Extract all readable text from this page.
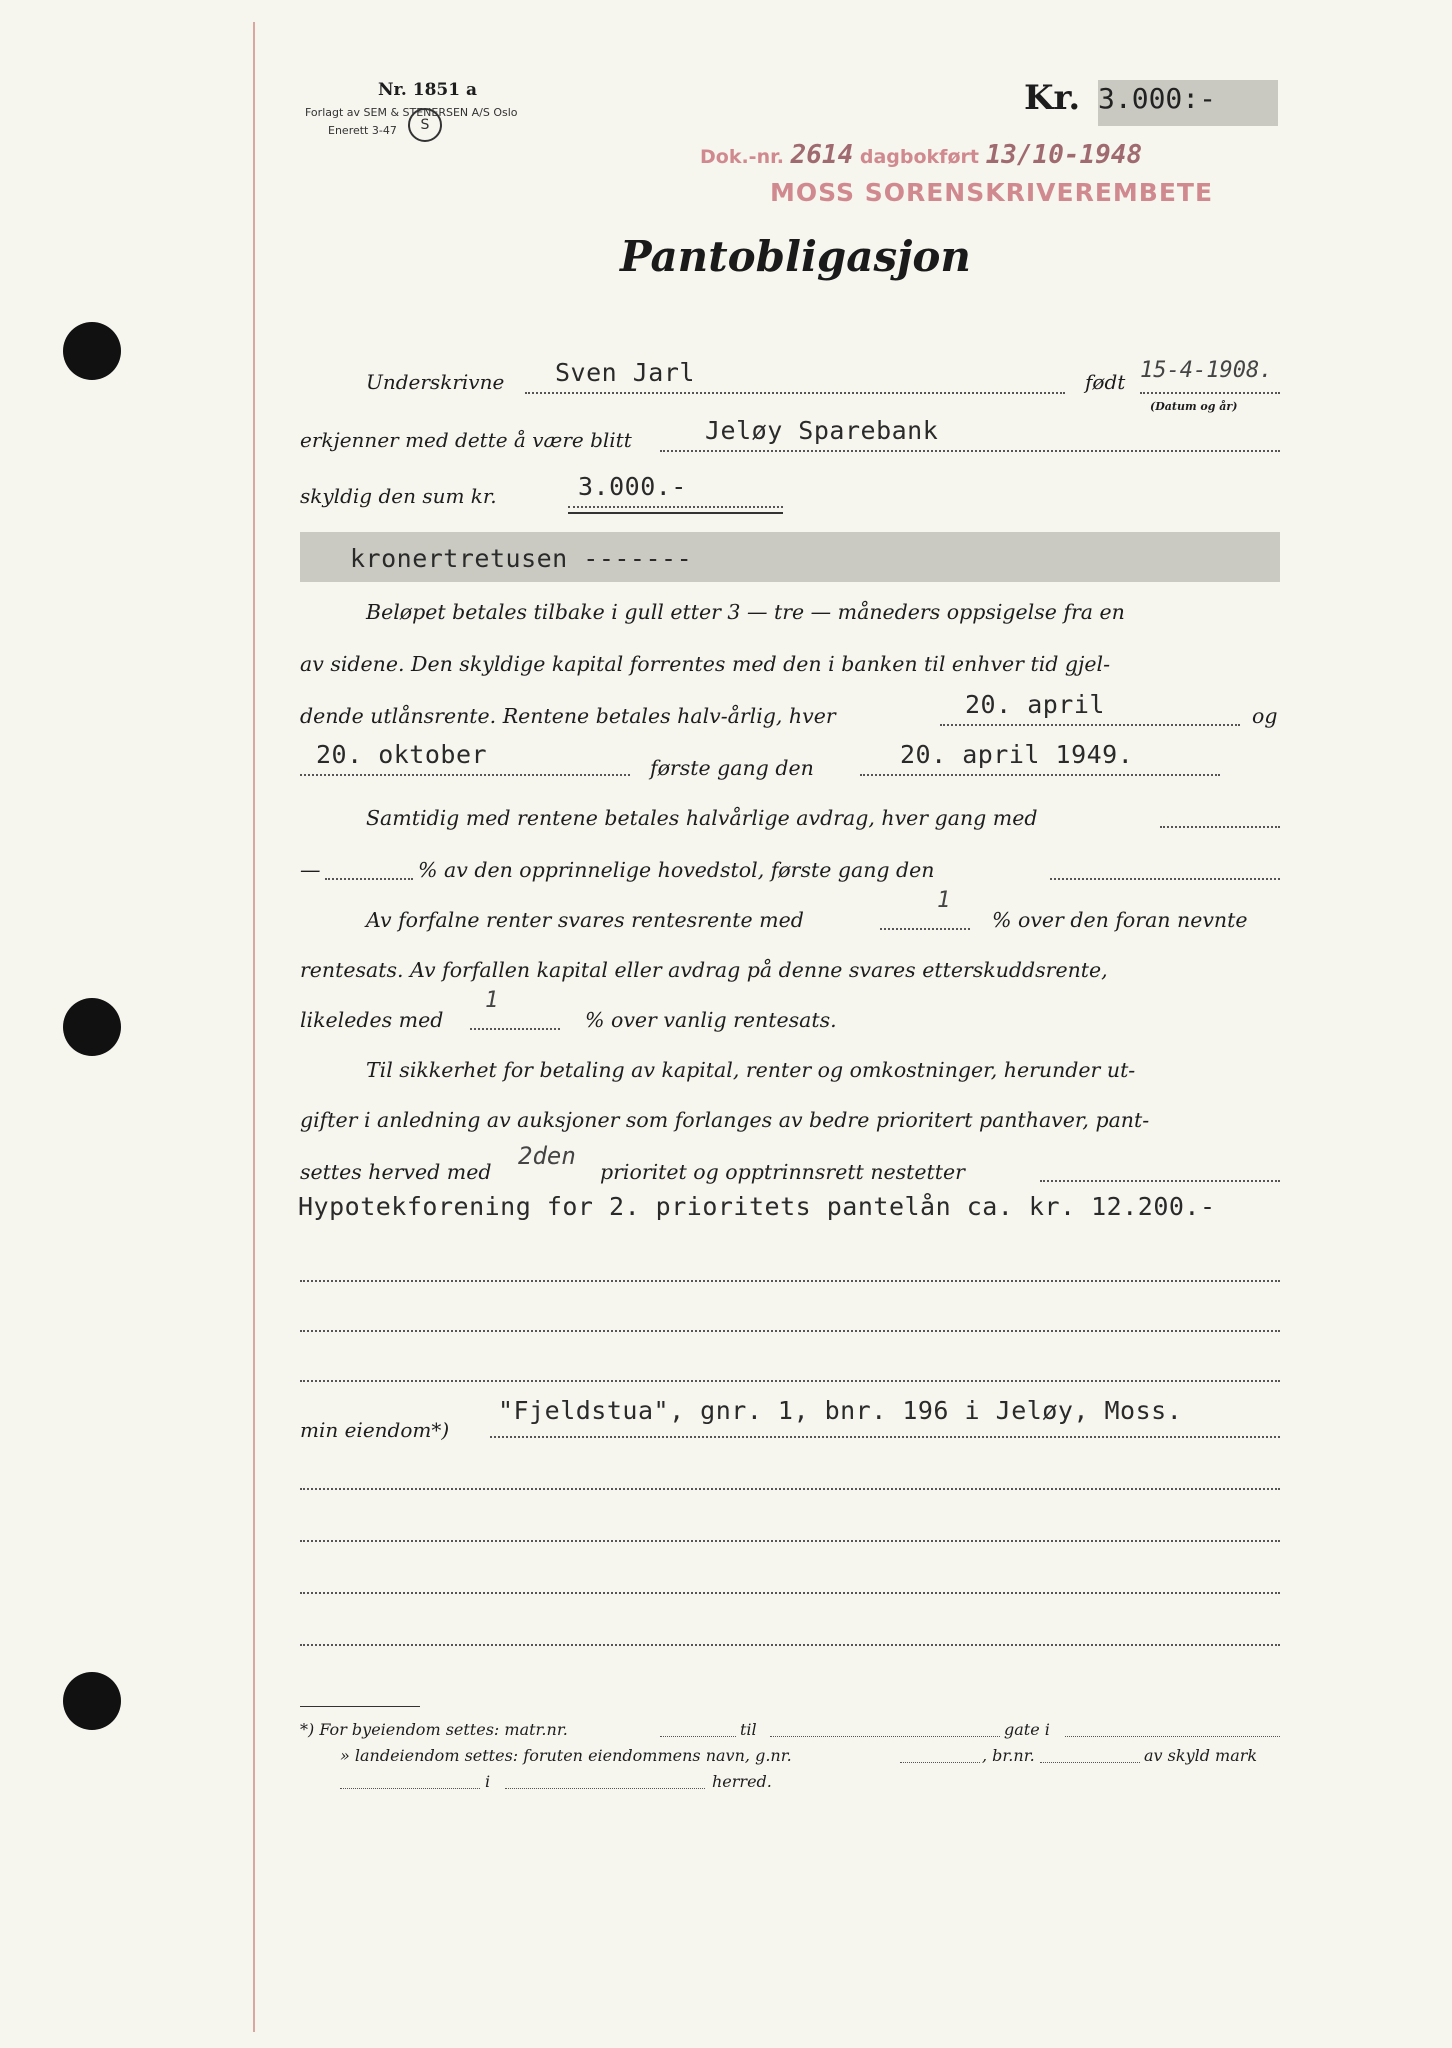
Nr. 1851 a
Forlagt av SEM & STENERSEN A/S Oslo
Enerett 3-47	S
Kr. 3.000:-
Dok.-nr. 2614 dagbokført 13/10-1948
MOSS SORENSKRIVEREMBETE
Pantobligasjon
Underskrivne Sven Jarl	født 15-4-1908.
(Datum og år)
erkjenner med dette å være blitt	Jeløy Sparebank
skyldig den sum kr.	3.000.-
kronertretusen -------
Beløpet betales tilbake i gull etter 3 — tre — måneders oppsigelse fra en
av sidene. Den skyldige kapital forrentes med den i banken til enhver tid gjel-
dende utlånsrente. Rentene betales halv-årlig, hver	20. april	og
20. oktober	første gang den	20. april 1949.
Samtidig med rentene betales halvårlige avdrag, hver gang med
—	% av den opprinnelige hovedstol, første gang den
Av forfalne renter svares rentesrente med
1
% over den foran nevnte
rentesats. Av forfallen kapital eller avdrag på denne svares etterskuddsrente,
likeledes med
1
% over vanlig rentesats.
Til sikkerhet for betaling av kapital, renter og omkostninger, herunder ut-
gifter i anledning av auksjoner som forlanges av bedre prioritert panthaver, pant-
settes herved med
2den
prioritet og opptrinnsrett nestetter
Hypotekforening for 2. prioritets pantelån ca. kr. 12.200.-
min eiendom*)
"Fjeldstua", gnr. 1, bnr. 196 i Jeløy, Moss.
*) For byeiendom settes: matr.nr.	til	gate i
» landeiendom settes: foruten eiendommens navn, g.nr.	, br.nr.	av skyld mark
i	herred.
